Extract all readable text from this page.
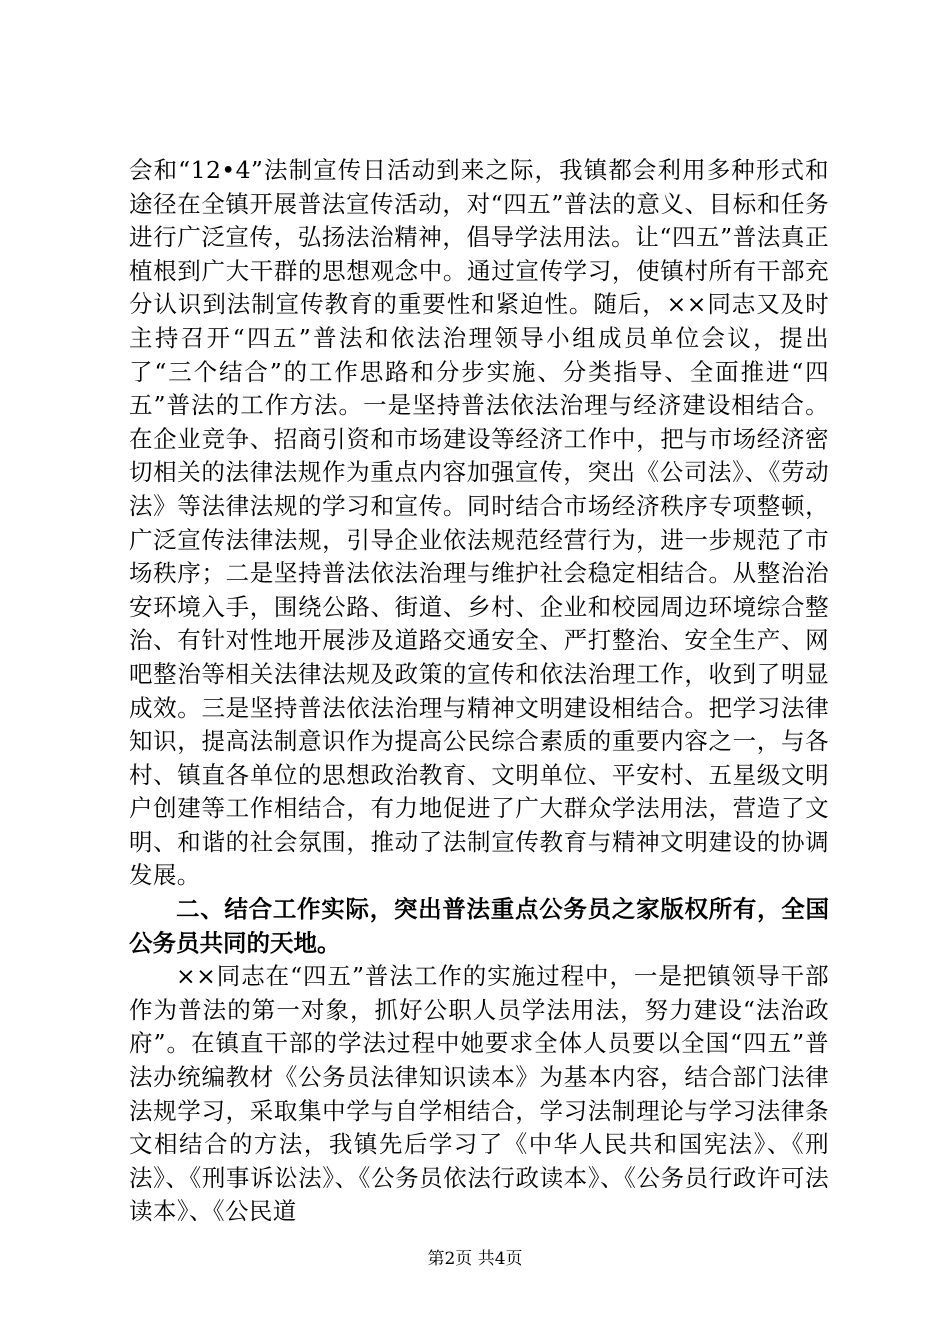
会和“12•4”法制宣传日活动到来之际，我镇都会利用多种形式和途径在全镇开展普法宣传活动，对“四五”普法的意义、目标和任务进行广泛宣传，弘扬法治精神，倡导学法用法。让“四五”普法真正植根到广大干群的思想观念中。通过宣传学习，使镇村所有干部充分认识到法制宣传教育的重要性和紧迫性。随后，××同志又及时主持召开“四五”普法和依法治理领导小组成员单位会议，提出了“三个结合”的工作思路和分步实施、分类指导、全面推进“四五”普法的工作方法。一是坚持普法依法治理与经济建设相结合。在企业竞争、招商引资和市场建设等经济工作中，把与市场经济密切相关的法律法规作为重点内容加强宣传，突出《公司法》、《劳动法》等法律法规的学习和宣传。同时结合市场经济秩序专项整顿，广泛宣传法律法规，引导企业依法规范经营行为，进一步规范了市场秩序；二是坚持普法依法治理与维护社会稳定相结合。从整治治安环境入手，围绕公路、街道、乡村、企业和校园周边环境综合整治、有针对性地开展涉及道路交通安全、严打整治、安全生产、网吧整治等相关法律法规及政策的宣传和依法治理工作，收到了明显成效。三是坚持普法依法治理与精神文明建设相结合。把学习法律知识，提高法制意识作为提高公民综合素质的重要内容之一，与各村、镇直各单位的思想政治教育、文明单位、平安村、五星级文明户创建等工作相结合，有力地促进了广大群众学法用法，营造了文明、和谐的社会氛围，推动了法制宣传教育与精神文明建设的协调发展。

二、结合工作实际，突出普法重点公务员之家版权所有，全国公务员共同的天地。

××同志在“四五”普法工作的实施过程中，一是把镇领导干部作为普法的第一对象，抓好公职人员学法用法，努力建设“法治政府”。在镇直干部的学法过程中她要求全体人员要以全国“四五”普法办统编教材《公务员法律知识读本》为基本内容，结合部门法律法规学习，采取集中学与自学相结合，学习法制理论与学习法律条文相结合的方法，我镇先后学习了《中华人民共和国宪法》、《刑法》、《刑事诉讼法》、《公务员依法行政读本》、《公务员行政许可法读本》、《公民道

第2页 共4页
